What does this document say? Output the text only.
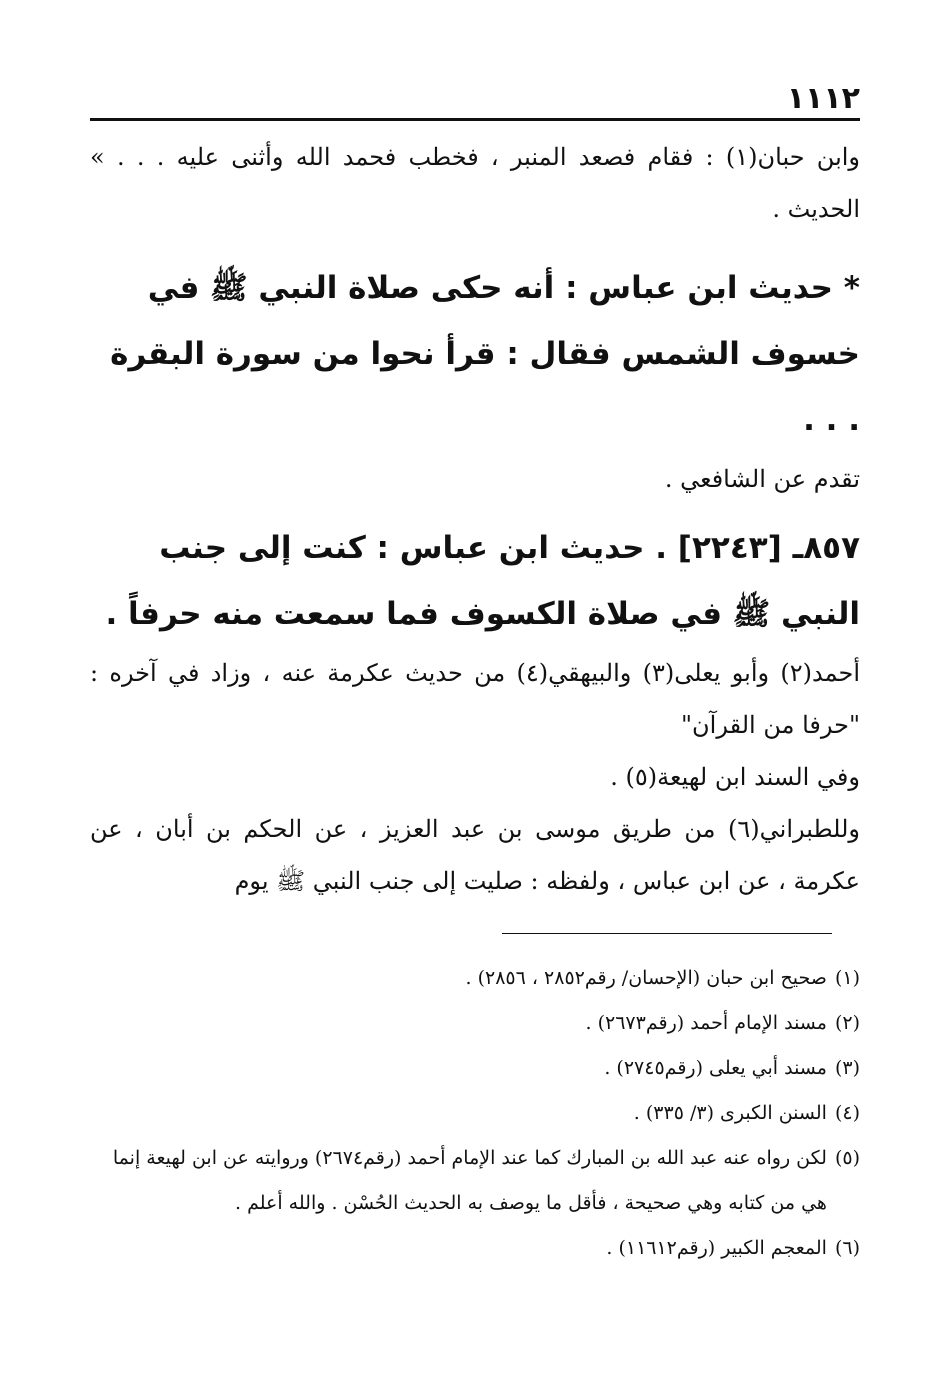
١١١٢

وابن حبان(١) : فقام فصعد المنبر ، فخطب فحمد الله وأثنى عليه . . . » الحديث .

* حديث ابن عباس : أنه حكى صلاة النبي ﷺ في خسوف الشمس فقال : قرأ نحوا من سورة البقرة . . .

تقدم عن الشافعي .

٨٥٧ـ [٢٢٤٣] . حديث ابن عباس : كنت إلى جنب النبي ﷺ في صلاة الكسوف فما سمعت منه حرفاً .

أحمد(٢) وأبو يعلى(٣) والبيهقي(٤) من حديث عكرمة عنه ، وزاد في آخره : "حرفا من القرآن"

وفي السند ابن لهيعة(٥) .

وللطبراني(٦) من طريق موسى بن عبد العزيز ، عن الحكم بن أبان ، عن عكرمة ، عن ابن عباس ، ولفظه : صليت إلى جنب النبي ﷺ يوم

(١)
صحيح ابن حبان (الإحسان/ رقم٢٨٥٢ ، ٢٨٥٦) .
(٢)
مسند الإمام أحمد (رقم٢٦٧٣) .
(٣)
مسند أبي يعلى (رقم٢٧٤٥) .
(٤)
السنن الكبرى (٣/ ٣٣٥) .
(٥)
لكن رواه عنه عبد الله بن المبارك كما عند الإمام أحمد (رقم٢٦٧٤) وروايته عن ابن لهيعة إنما هي من كتابه وهي صحيحة ، فأقل ما يوصف به الحديث الحُسْن . والله أعلم .
(٦)
المعجم الكبير (رقم١١٦١٢) .
